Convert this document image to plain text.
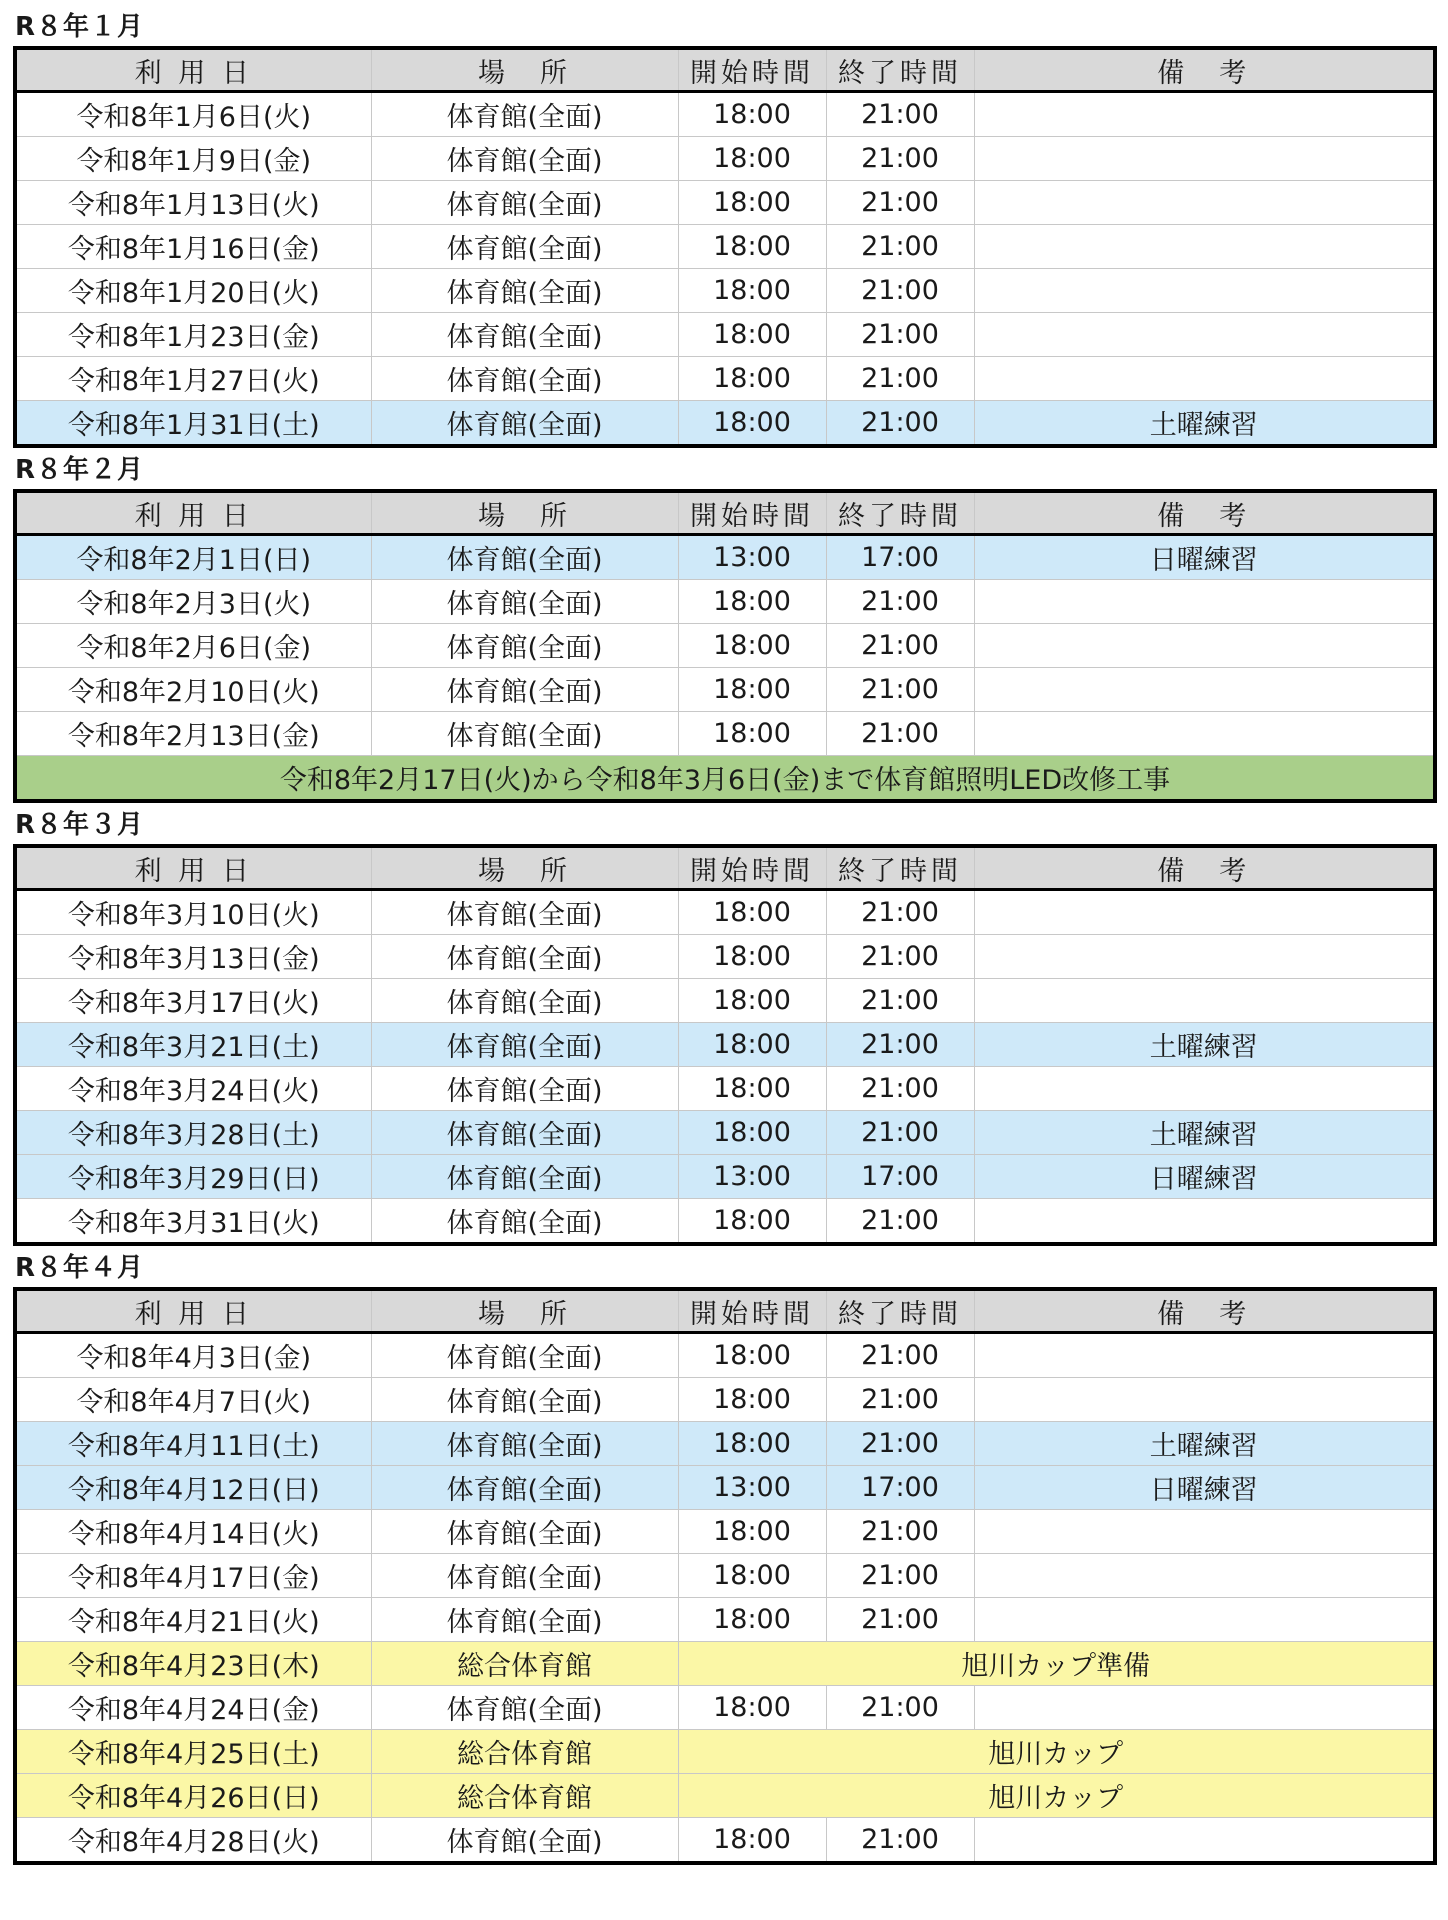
R８年１月
利 用 日	場　所	開始時間	終了時間	備　考
令和8年1月6日(火)	体育館(全面)	18:00	21:00	
令和8年1月9日(金)	体育館(全面)	18:00	21:00	
令和8年1月13日(火)	体育館(全面)	18:00	21:00	
令和8年1月16日(金)	体育館(全面)	18:00	21:00	
令和8年1月20日(火)	体育館(全面)	18:00	21:00	
令和8年1月23日(金)	体育館(全面)	18:00	21:00	
令和8年1月27日(火)	体育館(全面)	18:00	21:00	
令和8年1月31日(土)	体育館(全面)	18:00	21:00	土曜練習
R８年２月
利 用 日	場　所	開始時間	終了時間	備　考
令和8年2月1日(日)	体育館(全面)	13:00	17:00	日曜練習
令和8年2月3日(火)	体育館(全面)	18:00	21:00	
令和8年2月6日(金)	体育館(全面)	18:00	21:00	
令和8年2月10日(火)	体育館(全面)	18:00	21:00	
令和8年2月13日(金)	体育館(全面)	18:00	21:00	
令和8年2月17日(火)から令和8年3月6日(金)まで体育館照明LED改修工事				
R８年３月
利 用 日	場　所	開始時間	終了時間	備　考
令和8年3月10日(火)	体育館(全面)	18:00	21:00	
令和8年3月13日(金)	体育館(全面)	18:00	21:00	
令和8年3月17日(火)	体育館(全面)	18:00	21:00	
令和8年3月21日(土)	体育館(全面)	18:00	21:00	土曜練習
令和8年3月24日(火)	体育館(全面)	18:00	21:00	
令和8年3月28日(土)	体育館(全面)	18:00	21:00	土曜練習
令和8年3月29日(日)	体育館(全面)	13:00	17:00	日曜練習
令和8年3月31日(火)	体育館(全面)	18:00	21:00	
R８年４月
利 用 日	場　所	開始時間	終了時間	備　考
令和8年4月3日(金)	体育館(全面)	18:00	21:00	
令和8年4月7日(火)	体育館(全面)	18:00	21:00	
令和8年4月11日(土)	体育館(全面)	18:00	21:00	土曜練習
令和8年4月12日(日)	体育館(全面)	13:00	17:00	日曜練習
令和8年4月14日(火)	体育館(全面)	18:00	21:00	
令和8年4月17日(金)	体育館(全面)	18:00	21:00	
令和8年4月21日(火)	体育館(全面)	18:00	21:00	
令和8年4月23日(木)	総合体育館	旭川カップ準備		
令和8年4月24日(金)	体育館(全面)	18:00	21:00	
令和8年4月25日(土)	総合体育館	旭川カップ		
令和8年4月26日(日)	総合体育館	旭川カップ		
令和8年4月28日(火)	体育館(全面)	18:00	21:00	
